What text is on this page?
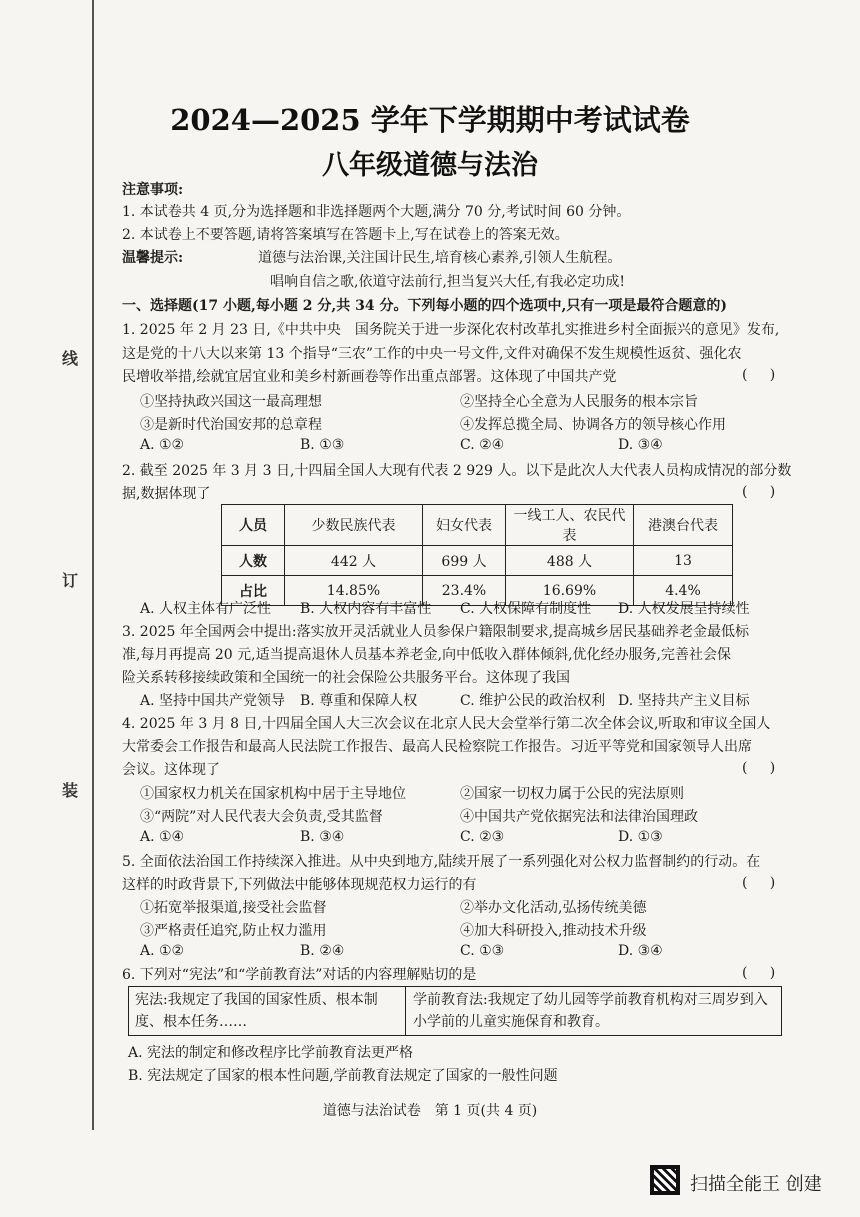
线
订
装
2024—2025 学年下学期期中考试试卷
八年级道德与法治
注意事项:
1. 本试卷共 4 页,分为选择题和非选择题两个大题,满分 70 分,考试时间 60 分钟。
2. 本试卷上不要答题,请将答案填写在答题卡上,写在试卷上的答案无效。
温馨提示:	道德与法治课,关注国计民生,培育核心素养,引领人生航程。
唱响自信之歌,依道守法前行,担当复兴大任,有我必定功成!
一、选择题(17 小题,每小题 2 分,共 34 分。下列每小题的四个选项中,只有一项是最符合题意的)
1. 2025 年 2 月 23 日,《中共中央　国务院关于进一步深化农村改革扎实推进乡村全面振兴的意见》发布,
这是党的十八大以来第 13 个指导“三农”工作的中央一号文件,文件对确保不发生规模性返贫、强化农
民增收举措,绘就宜居宜业和美乡村新画卷等作出重点部署。这体现了中国共产党	(     )
①坚持执政兴国这一最高理想	②坚持全心全意为人民服务的根本宗旨
③是新时代治国安邦的总章程	④发挥总揽全局、协调各方的领导核心作用
A. ①②	B. ①③	C. ②④	D. ③④
2. 截至 2025 年 3 月 3 日,十四届全国人大现有代表 2 929 人。以下是此次人大代表人员构成情况的部分数
据,数据体现了	(     )
人员	少数民族代表	妇女代表	一线工人、农民代表	港澳台代表
人数	442 人	699 人	488 人	13
占比	14.85%	23.4%	16.69%	4.4%
A. 人权主体有广泛性 B. 人权内容有丰富性 C. 人权保障有制度性 D. 人权发展呈持续性
3. 2025 年全国两会中提出:落实放开灵活就业人员参保户籍限制要求,提高城乡居民基础养老金最低标
准,每月再提高 20 元,适当提高退休人员基本养老金,向中低收入群体倾斜,优化经办服务,完善社会保
险关系转移接续政策和全国统一的社会保险公共服务平台。这体现了我国
A. 坚持中国共产党领导 B. 尊重和保障人权	C. 维护公民的政治权利 D. 坚持共产主义目标
4. 2025 年 3 月 8 日,十四届全国人大三次会议在北京人民大会堂举行第二次全体会议,听取和审议全国人
大常委会工作报告和最高人民法院工作报告、最高人民检察院工作报告。习近平等党和国家领导人出席
会议。这体现了	(     )
①国家权力机关在国家机构中居于主导地位	②国家一切权力属于公民的宪法原则
③“两院”对人民代表大会负责,受其监督	④中国共产党依据宪法和法律治国理政
A. ①④	B. ③④	C. ②③	D. ①③
5. 全面依法治国工作持续深入推进。从中央到地方,陆续开展了一系列强化对公权力监督制约的行动。在
这样的时政背景下,下列做法中能够体现规范权力运行的有	(     )
①拓宽举报渠道,接受社会监督	②举办文化活动,弘扬传统美德
③严格责任追究,防止权力滥用	④加大科研投入,推动技术升级
A. ①②	B. ②④	C. ①③	D. ③④
6. 下列对“宪法”和“学前教育法”对话的内容理解贴切的是	(     )
宪法:我规定了我国的国家性质、根本制
度、根本任务……
学前教育法:我规定了幼儿园等学前教育机构对三周岁到入
小学前的儿童实施保育和教育。
A. 宪法的制定和修改程序比学前教育法更严格
B. 宪法规定了国家的根本性问题,学前教育法规定了国家的一般性问题
道德与法治试卷　第 1 页(共 4 页)
扫描全能王 创建
